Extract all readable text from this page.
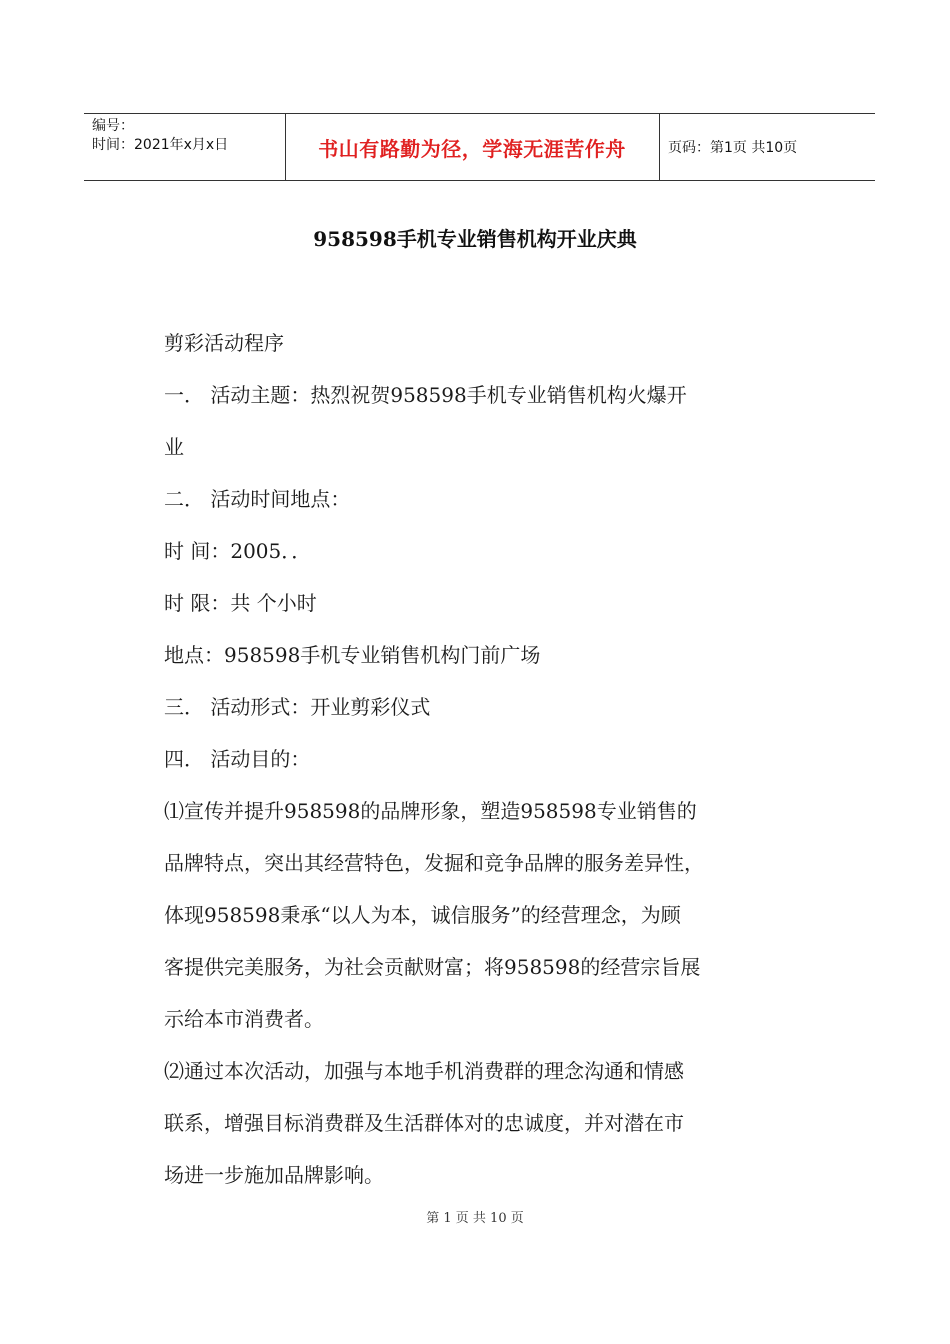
编号：
时间：2021年x月x日	书山有路勤为径，学海无涯苦作舟	页码：第1页 共10页
958598手机专业销售机构开业庆典

剪彩活动程序

一． 活动主题：热烈祝贺958598手机专业销售机构火爆开

业

二． 活动时间地点：

时 间：2005．．

时 限：共 个小时

地点：958598手机专业销售机构门前广场

三． 活动形式：开业剪彩仪式

四． 活动目的：

⑴宣传并提升958598的品牌形象，塑造958598专业销售的

品牌特点，突出其经营特色，发掘和竞争品牌的服务差异性，

体现958598秉承“以人为本，诚信服务”的经营理念，为顾

客提供完美服务，为社会贡献财富；将958598的经营宗旨展

示给本市消费者。

⑵通过本次活动，加强与本地手机消费群的理念沟通和情感

联系，增强目标消费群及生活群体对的忠诚度，并对潜在市

场进一步施加品牌影响。

第 1 页 共 10 页
